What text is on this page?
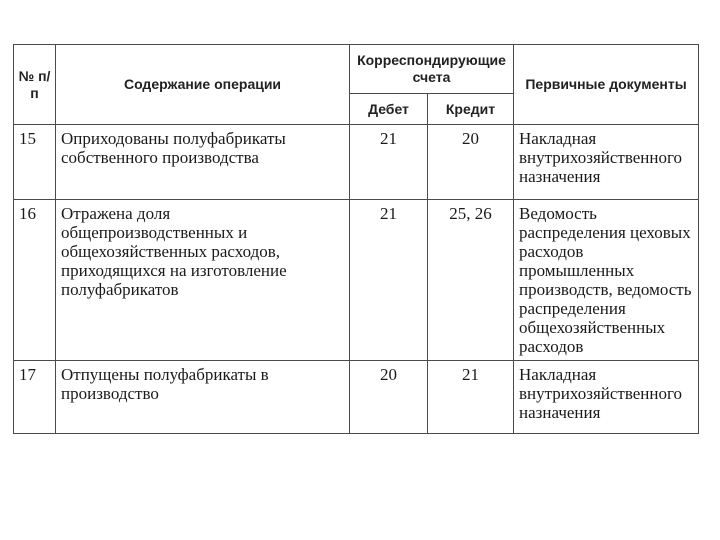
№ п/п	Содержание операции	Корреспондирующие счета		Первичные документы
		Дебет	Кредит	
15	Оприходованы полуфабрикаты собственного производства	21	20	Накладная внутрихозяйственного назначения
16	Отражена доля общепроизводственных и общехозяйственных расходов, приходящихся на изготовление полуфабрикатов	21	25, 26	Ведомость распределения цеховых расходов промышленных производств, ведомость распределения общехозяйственных расходов
17	Отпущены полуфабрикаты в производство	20	21	Накладная внутрихозяйственного назначения
